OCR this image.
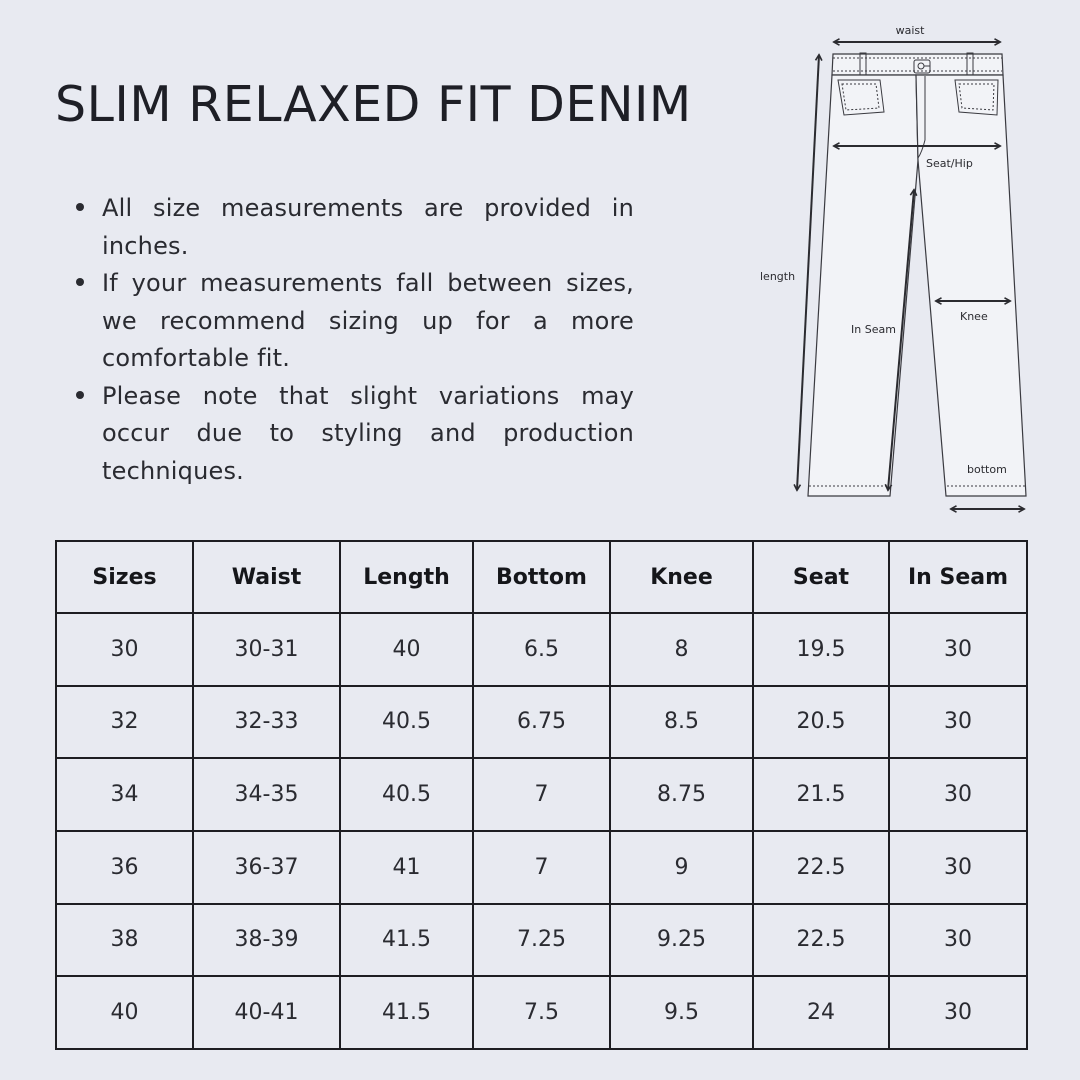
SLIM RELAXED FIT DENIM
All size measurements are provided in inches.
If your measurements fall between sizes, we recommend sizing up for a more comfortable fit.
Please note that slight variations may occur due to styling and production techniques.
waist
Seat/Hip
length
In Seam
Knee
bottom
Sizes	Waist	Length	Bottom	Knee	Seat	In Seam
30	30-31	40	6.5	8	19.5	30
32	32-33	40.5	6.75	8.5	20.5	30
34	34-35	40.5	7	8.75	21.5	30
36	36-37	41	7	9	22.5	30
38	38-39	41.5	7.25	9.25	22.5	30
40	40-41	41.5	7.5	9.5	24	30
